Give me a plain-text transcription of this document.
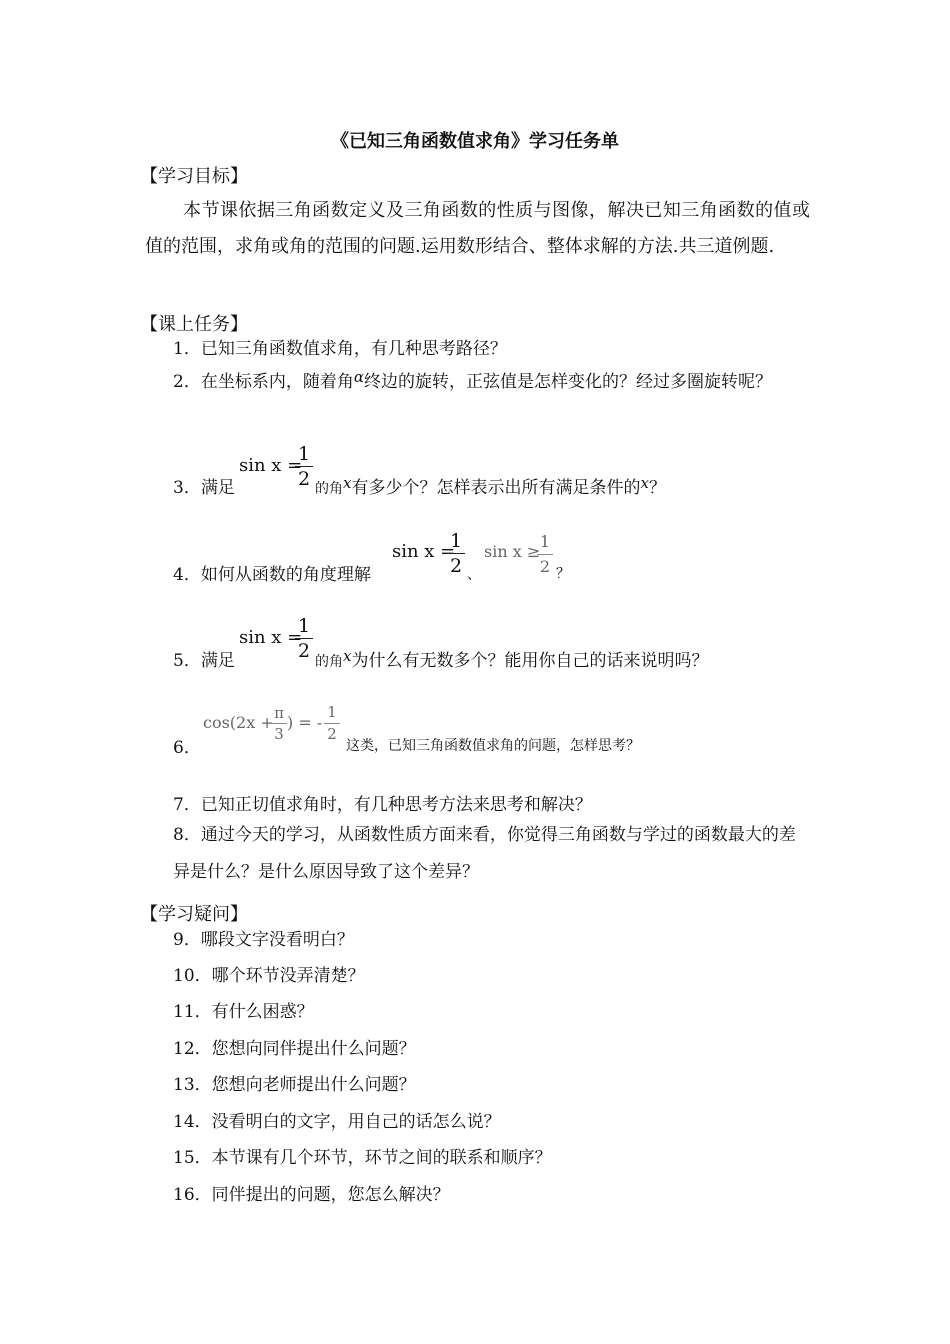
《已知三角函数值求角》学习任务单
【学习目标】
本节课依据三角函数定义及三角函数的性质与图像，解决已知三角函数的值或值的范围，求角或角的范围的问题.运用数形结合、整体求解的方法.共三道例题.
【课上任务】
1．已知三角函数值求角，有几种思考路径？
2．在坐标系内，随着角α终边的旋转，正弦值是怎样变化的？经过多圈旋转呢？
3．满足
sin x =
1
2 的角x有多少个？怎样表示出所有满足条件的x？
4．如何从函数的角度理解
sin x =
1
2 、
sin x ≥
1
2 ？
5．满足
sin x =
1
2 的角x为什么有无数多个？能用你自己的话来说明吗？
6．
cos(2x + π
3
) = -
1
2
这类，已知三角函数值求角的问题，怎样思考？
7．已知正切值求角时，有几种思考方法来思考和解决？
8．通过今天的学习，从函数性质方面来看，你觉得三角函数与学过的函数最大的差异是什么？是什么原因导致了这个差异？
【学习疑问】
9．哪段文字没看明白？
10．哪个环节没弄清楚？
11．有什么困惑？
12．您想向同伴提出什么问题？
13．您想向老师提出什么问题？
14．没看明白的文字，用自己的话怎么说？
15．本节课有几个环节，环节之间的联系和顺序？
16．同伴提出的问题，您怎么解决？
